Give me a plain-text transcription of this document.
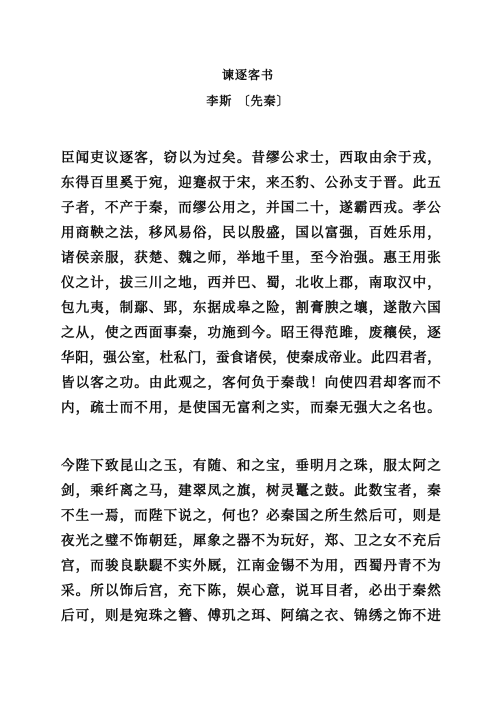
谏逐客书
李斯 〔先秦〕
臣闻吏议逐客，窃以为过矣。昔缪公求士，西取由余于戎，
东得百里奚于宛，迎蹇叔于宋，来丕豹、公孙支于晋。此五
子者，不产于秦，而缪公用之，并国二十，遂霸西戎。孝公
用商鞅之法，移风易俗，民以殷盛，国以富强，百姓乐用，
诸侯亲服，获楚、魏之师，举地千里，至今治强。惠王用张
仪之计，拔三川之地，西并巴、蜀，北收上郡，南取汉中，
包九夷，制鄢、郢，东据成皋之险，割膏腴之壤，遂散六国
之从，使之西面事秦，功施到今。昭王得范雎，废穰侯，逐
华阳，强公室，杜私门，蚕食诸侯，使秦成帝业。此四君者，
皆以客之功。由此观之，客何负于秦哉！向使四君却客而不
内，疏士而不用，是使国无富利之实，而秦无强大之名也。
今陛下致昆山之玉，有随、和之宝，垂明月之珠，服太阿之
剑，乘纤离之马，建翠凤之旗，树灵鼍之鼓。此数宝者，秦
不生一焉，而陛下说之，何也？必秦国之所生然后可，则是
夜光之璧不饰朝廷，犀象之器不为玩好，郑、卫之女不充后
宫，而骏良駃騠不实外厩，江南金锡不为用，西蜀丹青不为
采。所以饰后宫，充下陈，娱心意，说耳目者，必出于秦然
后可，则是宛珠之簪、傅玑之珥、阿缟之衣、锦绣之饰不进
